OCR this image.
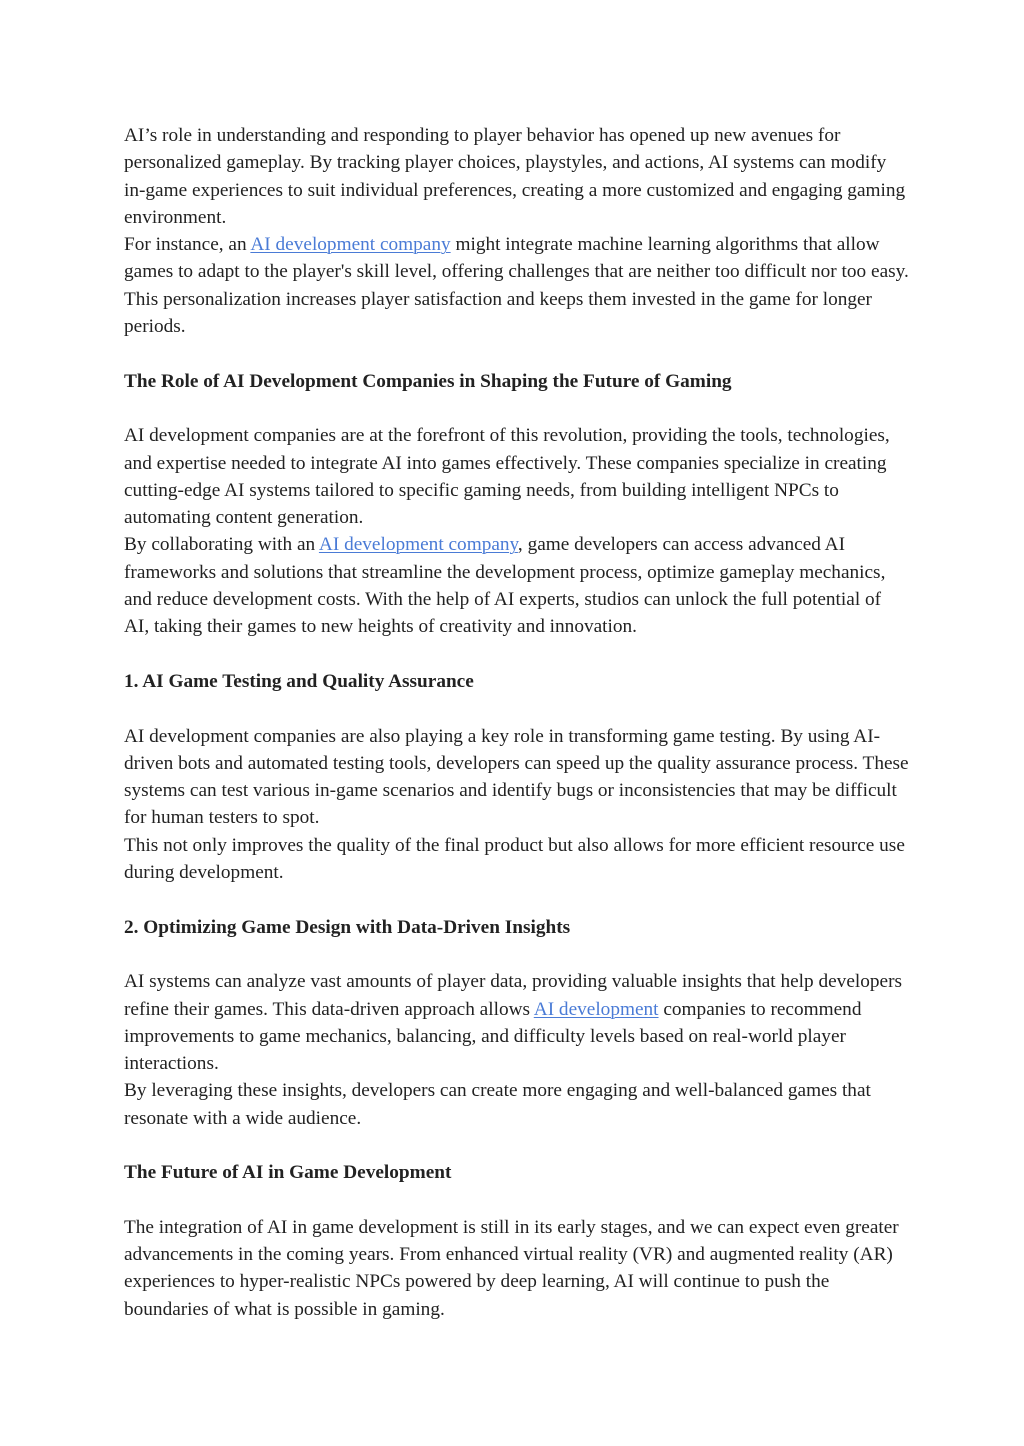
AI’s role in understanding and responding to player behavior has opened up new avenues for personalized gameplay. By tracking player choices, playstyles, and actions, AI systems can modify in-game experiences to suit individual preferences, creating a more customized and engaging gaming environment.

For instance, an AI development company might integrate machine learning algorithms that allow games to adapt to the player's skill level, offering challenges that are neither too difficult nor too easy. This personalization increases player satisfaction and keeps them invested in the game for longer periods.

The Role of AI Development Companies in Shaping the Future of Gaming

AI development companies are at the forefront of this revolution, providing the tools, technologies, and expertise needed to integrate AI into games effectively. These companies specialize in creating cutting-edge AI systems tailored to specific gaming needs, from building intelligent NPCs to automating content generation.

By collaborating with an AI development company, game developers can access advanced AI frameworks and solutions that streamline the development process, optimize gameplay mechanics, and reduce development costs. With the help of AI experts, studios can unlock the full potential of AI, taking their games to new heights of creativity and innovation.

1. AI Game Testing and Quality Assurance

AI development companies are also playing a key role in transforming game testing. By using AI-driven bots and automated testing tools, developers can speed up the quality assurance process. These systems can test various in-game scenarios and identify bugs or inconsistencies that may be difficult for human testers to spot.

This not only improves the quality of the final product but also allows for more efficient resource use during development.

2. Optimizing Game Design with Data-Driven Insights

AI systems can analyze vast amounts of player data, providing valuable insights that help developers refine their games. This data-driven approach allows AI development companies to recommend improvements to game mechanics, balancing, and difficulty levels based on real-world player interactions.

By leveraging these insights, developers can create more engaging and well-balanced games that resonate with a wide audience.

The Future of AI in Game Development

The integration of AI in game development is still in its early stages, and we can expect even greater advancements in the coming years. From enhanced virtual reality (VR) and augmented reality (AR) experiences to hyper-realistic NPCs powered by deep learning, AI will continue to push the boundaries of what is possible in gaming.
